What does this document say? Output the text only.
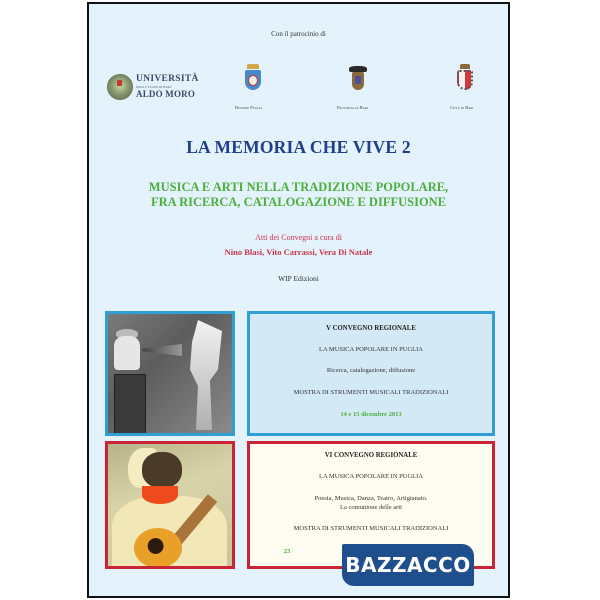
Con il patrocinio di
UNIVERSITÀ
DEGLI STUDI DI BARI
ALDO MORO
Regione Puglia	Provincia di Bari	Città di Bari
LA MEMORIA CHE VIVE 2
MUSICA E ARTI NELLA TRADIZIONE POPOLARE,
FRA RICERCA, CATALOGAZIONE E DIFFUSIONE
Atti dei Convegni a cura di
Nino Blasi, Vito Carrassi, Vera Di Natale
WIP Edizioni
V CONVEGNO REGIONALE
LA MUSICA POPOLARE IN PUGLIA
Ricerca, catalogazione, diffusione
MOSTRA DI STRUMENTI MUSICALI TRADIZIONALI
14 e 15 dicembre 2013
VI CONVEGNO REGIONALE
LA MUSICA POPOLARE IN PUGLIA
Poesia, Musica, Danza, Teatro, Artigianato.
La comunione delle arti
MOSTRA DI STRUMENTI MUSICALI TRADIZIONALI
23
BAZZACCO
